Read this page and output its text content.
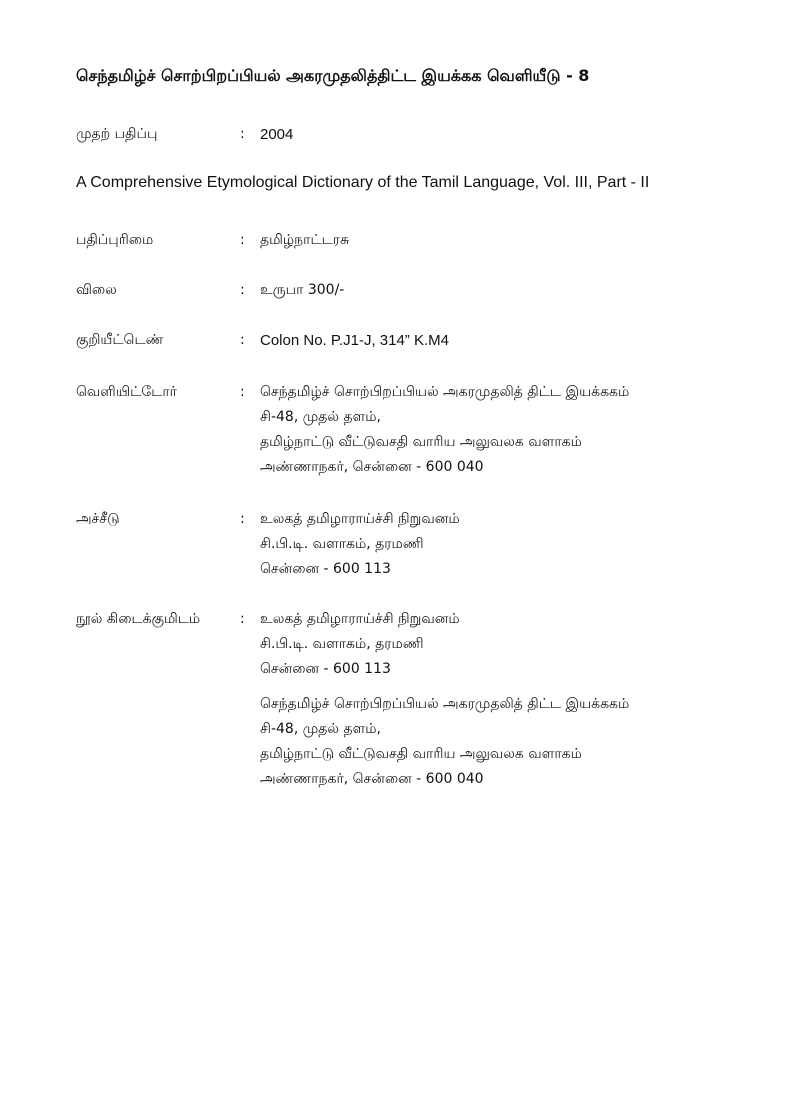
செந்தமிழ்ச் சொற்பிறப்பியல் அகரமுதலித்திட்ட இயக்கக வெளியீடு - 8
முதற் பதிப்பு	: 2004
A Comprehensive Etymological Dictionary of the Tamil Language, Vol. III, Part - II
பதிப்புரிமை	: தமிழ்நாட்டரசு
விலை	: உருபா 300/-
குறியீட்டெண்	: Colon No. P.J1-J, 314” K.M4
வெளியிட்டோர்	: செந்தமிழ்ச் சொற்பிறப்பியல் அகரமுதலித் திட்ட இயக்ககம்
சி-48, முதல் தளம்,
தமிழ்நாட்டு வீட்டுவசதி வாரிய அலுவலக வளாகம்
அண்ணாநகர், சென்னை - 600 040
அச்சீடு	: உலகத் தமிழாராய்ச்சி நிறுவனம்
சி.பி.டி. வளாகம், தரமணி
சென்னை - 600 113
நூல் கிடைக்குமிடம்	: உலகத் தமிழாராய்ச்சி நிறுவனம்
சி.பி.டி. வளாகம், தரமணி
சென்னை - 600 113
செந்தமிழ்ச் சொற்பிறப்பியல் அகரமுதலித் திட்ட இயக்ககம்
சி-48, முதல் தளம்,
தமிழ்நாட்டு வீட்டுவசதி வாரிய அலுவலக வளாகம்
அண்ணாநகர், சென்னை - 600 040
